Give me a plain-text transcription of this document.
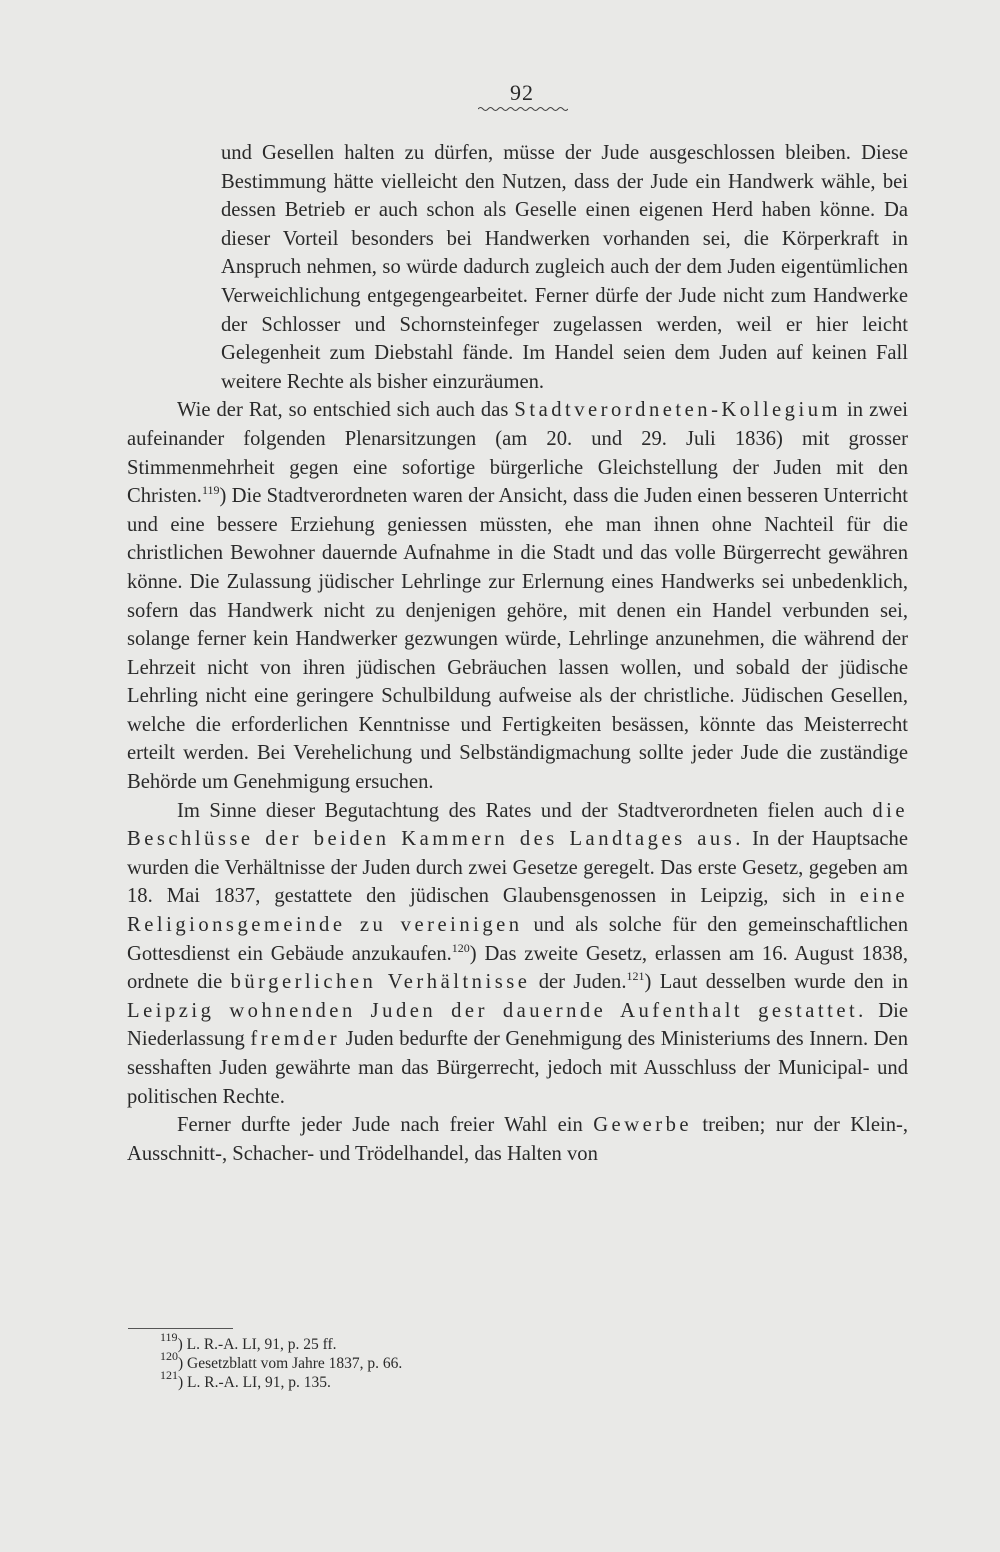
92

und Gesellen halten zu dürfen, müsse der Jude ausgeschlossen bleiben. Diese Bestimmung hätte vielleicht den Nutzen, dass der Jude ein Handwerk wähle, bei dessen Betrieb er auch schon als Geselle einen eigenen Herd haben könne. Da dieser Vorteil besonders bei Handwerken vorhanden sei, die Körperkraft in Anspruch nehmen, so würde dadurch zugleich auch der dem Juden eigentümlichen Verweichlichung entgegengearbeitet. Ferner dürfe der Jude nicht zum Handwerke der Schlosser und Schornsteinfeger zugelassen werden, weil er hier leicht Gelegenheit zum Diebstahl fände. Im Handel seien dem Juden auf keinen Fall weitere Rechte als bisher einzuräumen.

Wie der Rat, so entschied sich auch das Stadtverordneten-Kollegium in zwei aufeinander folgenden Plenarsitzungen (am 20. und 29. Juli 1836) mit grosser Stimmenmehrheit gegen eine sofortige bürgerliche Gleichstellung der Juden mit den Christen.$^{119}$) Die Stadtverordneten waren der Ansicht, dass die Juden einen besseren Unterricht und eine bessere Erziehung geniessen müssten, ehe man ihnen ohne Nachteil für die christlichen Bewohner dauernde Aufnahme in die Stadt und das volle Bürgerrecht gewähren könne. Die Zulassung jüdischer Lehrlinge zur Erlernung eines Handwerks sei unbedenklich, sofern das Handwerk nicht zu denjenigen gehöre, mit denen ein Handel verbunden sei, solange ferner kein Handwerker gezwungen würde, Lehrlinge anzunehmen, die während der Lehrzeit nicht von ihren jüdischen Gebräuchen lassen wollen, und sobald der jüdische Lehrling nicht eine geringere Schulbildung aufweise als der christliche. Jüdischen Gesellen, welche die erforderlichen Kenntnisse und Fertigkeiten besässen, könnte das Meisterrecht erteilt werden. Bei Verehelichung und Selbständigmachung sollte jeder Jude die zuständige Behörde um Genehmigung ersuchen.

Im Sinne dieser Begutachtung des Rates und der Stadtverordneten fielen auch die Beschlüsse der beiden Kammern des Landtages aus. In der Hauptsache wurden die Verhältnisse der Juden durch zwei Gesetze geregelt. Das erste Gesetz, gegeben am 18. Mai 1837, gestattete den jüdischen Glaubensgenossen in Leipzig, sich in eine Religionsgemeinde zu vereinigen und als solche für den gemeinschaftlichen Gottesdienst ein Gebäude anzukaufen.$^{120}$) Das zweite Gesetz, erlassen am 16. August 1838, ordnete die bürgerlichen Verhältnisse der Juden.$^{121}$) Laut desselben wurde den in Leipzig wohnenden Juden der dauernde Aufenthalt gestattet. Die Niederlassung fremder Juden bedurfte der Genehmigung des Ministeriums des Innern. Den sesshaften Juden gewährte man das Bürgerrecht, jedoch mit Ausschluss der Municipal- und politischen Rechte.

Ferner durfte jeder Jude nach freier Wahl ein Gewerbe treiben; nur der Klein-, Ausschnitt-, Schacher- und Trödelhandel, das Halten von

$^{119}$) L. R.-A. LI, 91, p. 25 ff.

$^{120}$) Gesetzblatt vom Jahre 1837, p. 66.

$^{121}$) L. R.-A. LI, 91, p. 135.
